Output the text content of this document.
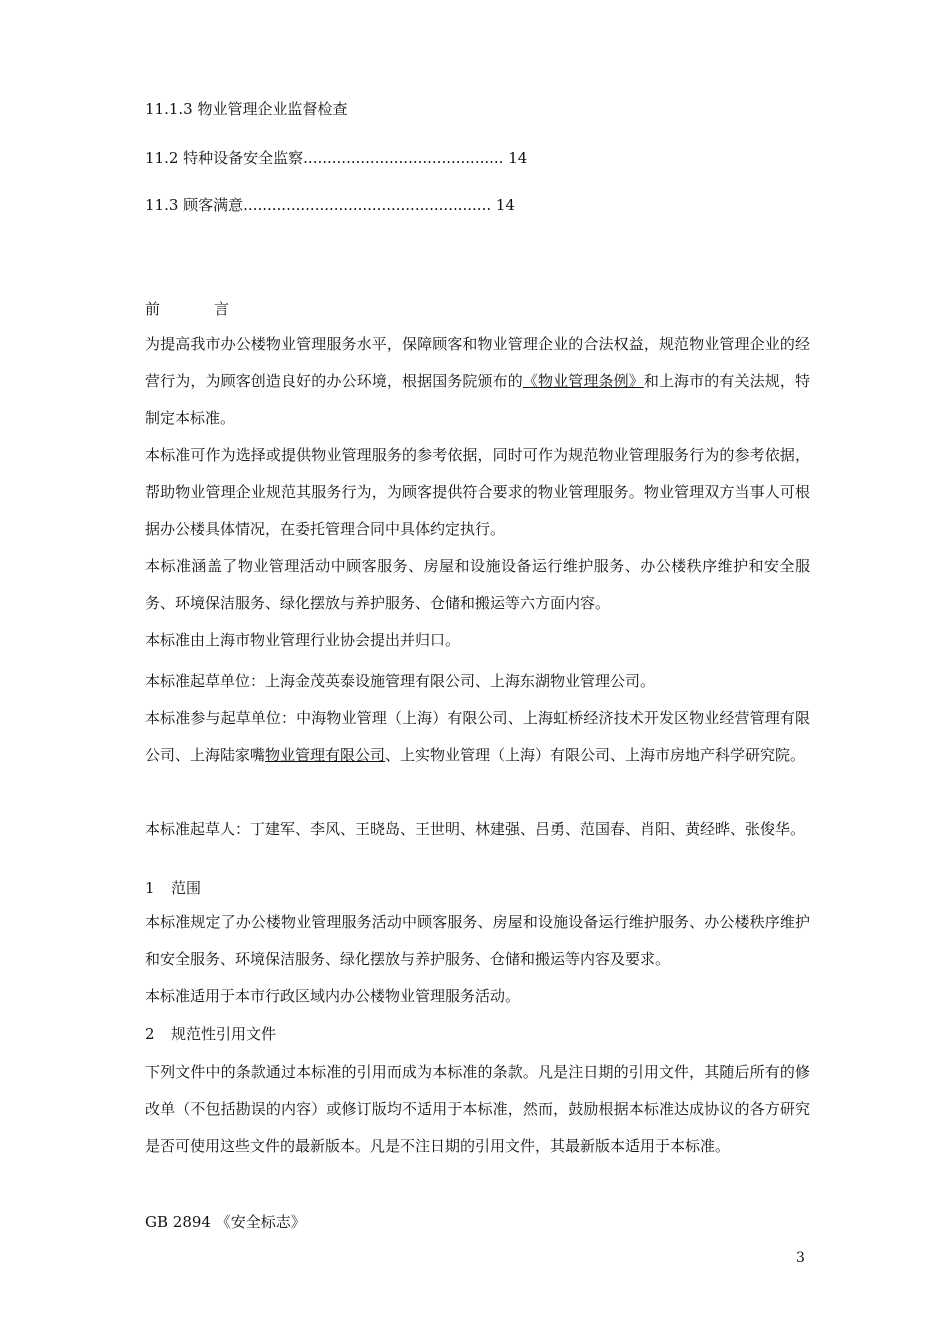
11.1.3 物业管理企业监督检查
11.2 特种设备安全监察.......................................... 14
11.3 顾客满意.................................................... 14
前	言
为提高我市办公楼物业管理服务水平，保障顾客和物业管理企业的合法权益，规范物业管理企业的经营行为，为顾客创造良好的办公环境，根据国务院颁布的《物业管理条例》和上海市的有关法规，特制定本标准。
本标准可作为选择或提供物业管理服务的参考依据，同时可作为规范物业管理服务行为的参考依据，帮助物业管理企业规范其服务行为，为顾客提供符合要求的物业管理服务。物业管理双方当事人可根据办公楼具体情况，在委托管理合同中具体约定执行。
本标准涵盖了物业管理活动中顾客服务、房屋和设施设备运行维护服务、办公楼秩序维护和安全服务、环境保洁服务、绿化摆放与养护服务、仓储和搬运等六方面内容。
本标准由上海市物业管理行业协会提出并归口。
本标准起草单位：上海金茂英泰设施管理有限公司、上海东湖物业管理公司。
本标准参与起草单位：中海物业管理（上海）有限公司、上海虹桥经济技术开发区物业经营管理有限公司、上海陆家嘴物业管理有限公司、上实物业管理（上海）有限公司、上海市房地产科学研究院。
本标准起草人：丁建军、李风、王晓岛、王世明、林建强、吕勇、范国春、肖阳、黄经晔、张俊华。
1 范围
本标准规定了办公楼物业管理服务活动中顾客服务、房屋和设施设备运行维护服务、办公楼秩序维护和安全服务、环境保洁服务、绿化摆放与养护服务、仓储和搬运等内容及要求。
本标准适用于本市行政区域内办公楼物业管理服务活动。
2 规范性引用文件
下列文件中的条款通过本标准的引用而成为本标准的条款。凡是注日期的引用文件，其随后所有的修改单（不包括勘误的内容）或修订版均不适用于本标准，然而，鼓励根据本标准达成协议的各方研究是否可使用这些文件的最新版本。凡是不注日期的引用文件，其最新版本适用于本标准。
GB 2894 《安全标志》
3
